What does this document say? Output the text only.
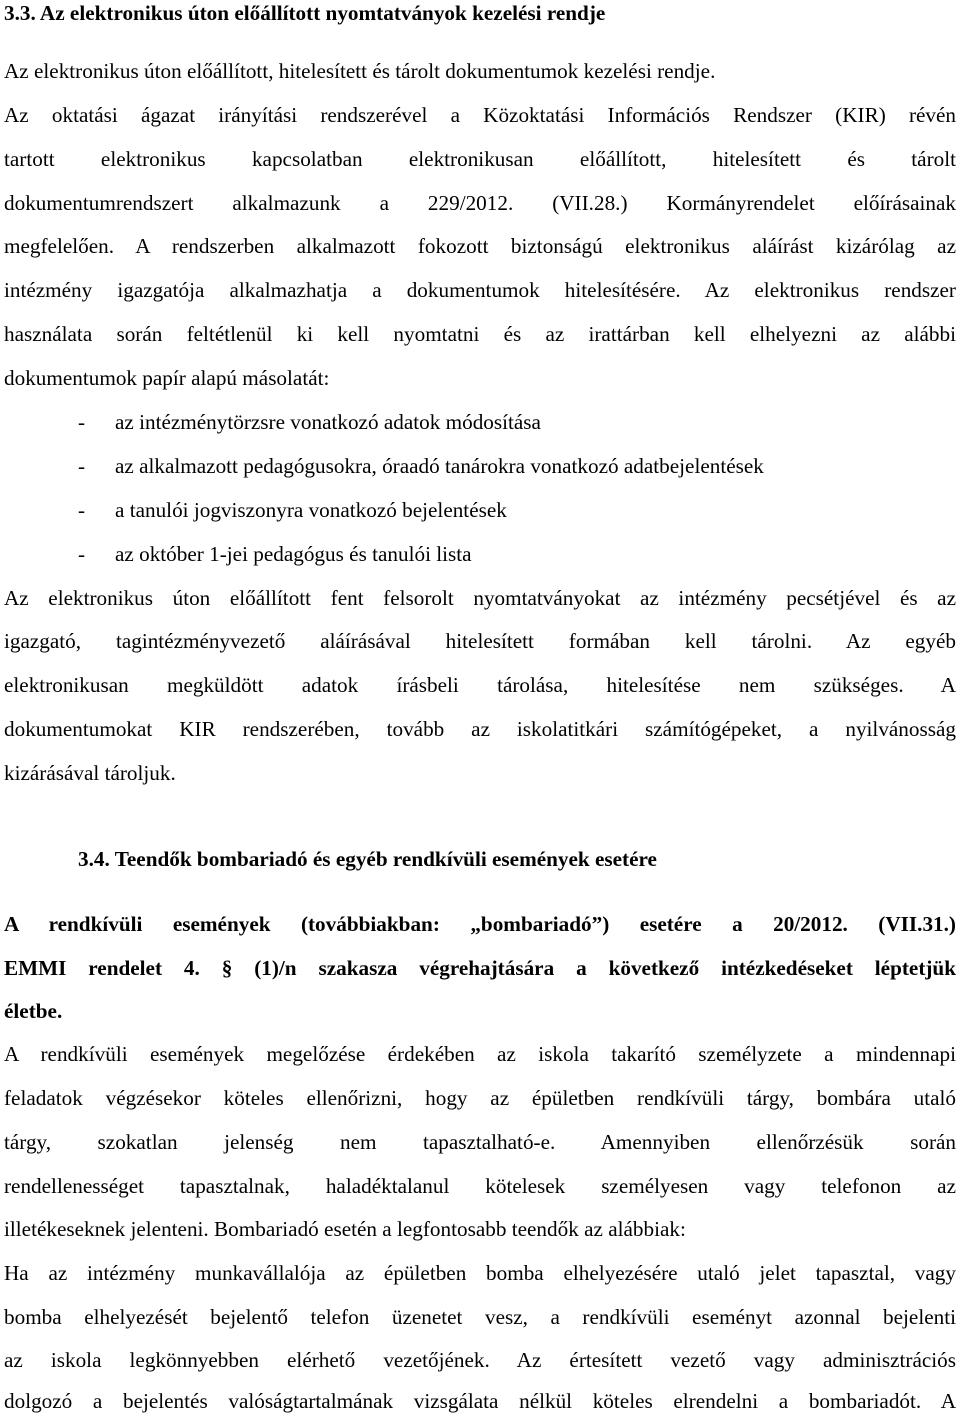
3.3. Az elektronikus úton előállított nyomtatványok kezelési rendje
Az elektronikus úton előállított, hitelesített és tárolt dokumentumok kezelési rendje.
Az oktatási ágazat irányítási rendszerével a Közoktatási Információs Rendszer (KIR) révén
tartott elektronikus kapcsolatban elektronikusan előállított, hitelesített és tárolt
dokumentumrendszert alkalmazunk a 229/2012. (VII.28.) Kormányrendelet előírásainak
megfelelően. A rendszerben alkalmazott fokozott biztonságú elektronikus aláírást kizárólag az
intézmény igazgatója alkalmazhatja a dokumentumok hitelesítésére. Az elektronikus rendszer
használata során feltétlenül ki kell nyomtatni és az irattárban kell elhelyezni az alábbi
dokumentumok papír alapú másolatát:
- az intézménytörzsre vonatkozó adatok módosítása
- az alkalmazott pedagógusokra, óraadó tanárokra vonatkozó adatbejelentések
- a tanulói jogviszonyra vonatkozó bejelentések
- az október 1-jei pedagógus és tanulói lista
Az elektronikus úton előállított fent felsorolt nyomtatványokat az intézmény pecsétjével és az
igazgató, tagintézményvezető aláírásával hitelesített formában kell tárolni. Az egyéb
elektronikusan megküldött adatok írásbeli tárolása, hitelesítése nem szükséges. A
dokumentumokat KIR rendszerében, tovább az iskolatitkári számítógépeket, a nyilvánosság
kizárásával tároljuk.
3.4. Teendők bombariadó és egyéb rendkívüli események esetére
A rendkívüli események (továbbiakban: „bombariadó”) esetére a 20/2012. (VII.31.)
EMMI rendelet 4. § (1)/n szakasza végrehajtására a következő intézkedéseket léptetjük
életbe.
A rendkívüli események megelőzése érdekében az iskola takarító személyzete a mindennapi
feladatok végzésekor köteles ellenőrizni, hogy az épületben rendkívüli tárgy, bombára utaló
tárgy, szokatlan jelenség nem tapasztalható-e. Amennyiben ellenőrzésük során
rendellenességet tapasztalnak, haladéktalanul kötelesek személyesen vagy telefonon az
illetékeseknek jelenteni. Bombariadó esetén a legfontosabb teendők az alábbiak:
Ha az intézmény munkavállalója az épületben bomba elhelyezésére utaló jelet tapasztal, vagy
bomba elhelyezését bejelentő telefon üzenetet vesz, a rendkívüli eseményt azonnal bejelenti
az iskola legkönnyebben elérhető vezetőjének. Az értesített vezető vagy adminisztrációs
dolgozó a bejelentés valóságtartalmának vizsgálata nélkül köteles elrendelni a bombariadót. A
